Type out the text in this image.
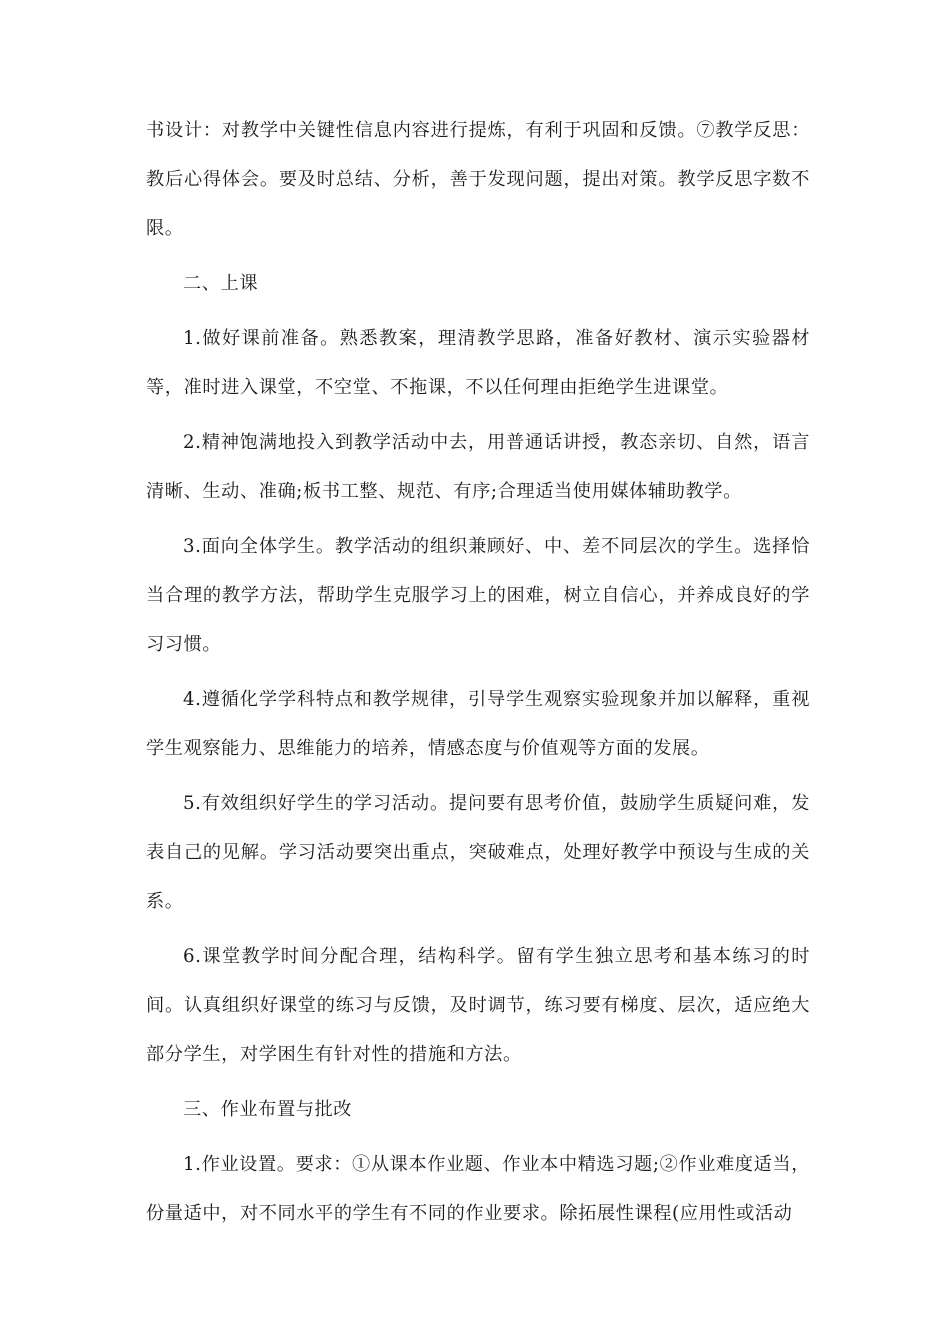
书设计：对教学中关键性信息内容进行提炼，有利于巩固和反馈。⑦教学反思：教后心得体会。要及时总结、分析，善于发现问题，提出对策。教学反思字数不限。

二、上课

1.做好课前准备。熟悉教案，理清教学思路，准备好教材、演示实验器材等，准时进入课堂，不空堂、不拖课，不以任何理由拒绝学生进课堂。

2.精神饱满地投入到教学活动中去，用普通话讲授，教态亲切、自然，语言清晰、生动、准确;板书工整、规范、有序;合理适当使用媒体辅助教学。

3.面向全体学生。教学活动的组织兼顾好、中、差不同层次的学生。选择恰当合理的教学方法，帮助学生克服学习上的困难，树立自信心，并养成良好的学习习惯。

4.遵循化学学科特点和教学规律，引导学生观察实验现象并加以解释，重视学生观察能力、思维能力的培养，情感态度与价值观等方面的发展。

5.有效组织好学生的学习活动。提问要有思考价值，鼓励学生质疑问难，发表自己的见解。学习活动要突出重点，突破难点，处理好教学中预设与生成的关系。

6.课堂教学时间分配合理，结构科学。留有学生独立思考和基本练习的时间。认真组织好课堂的练习与反馈，及时调节，练习要有梯度、层次，适应绝大部分学生，对学困生有针对性的措施和方法。

三、作业布置与批改

1.作业设置。要求：①从课本作业题、作业本中精选习题;②作业难度适当，份量适中，对不同水平的学生有不同的作业要求。除拓展性课程(应用性或活动
